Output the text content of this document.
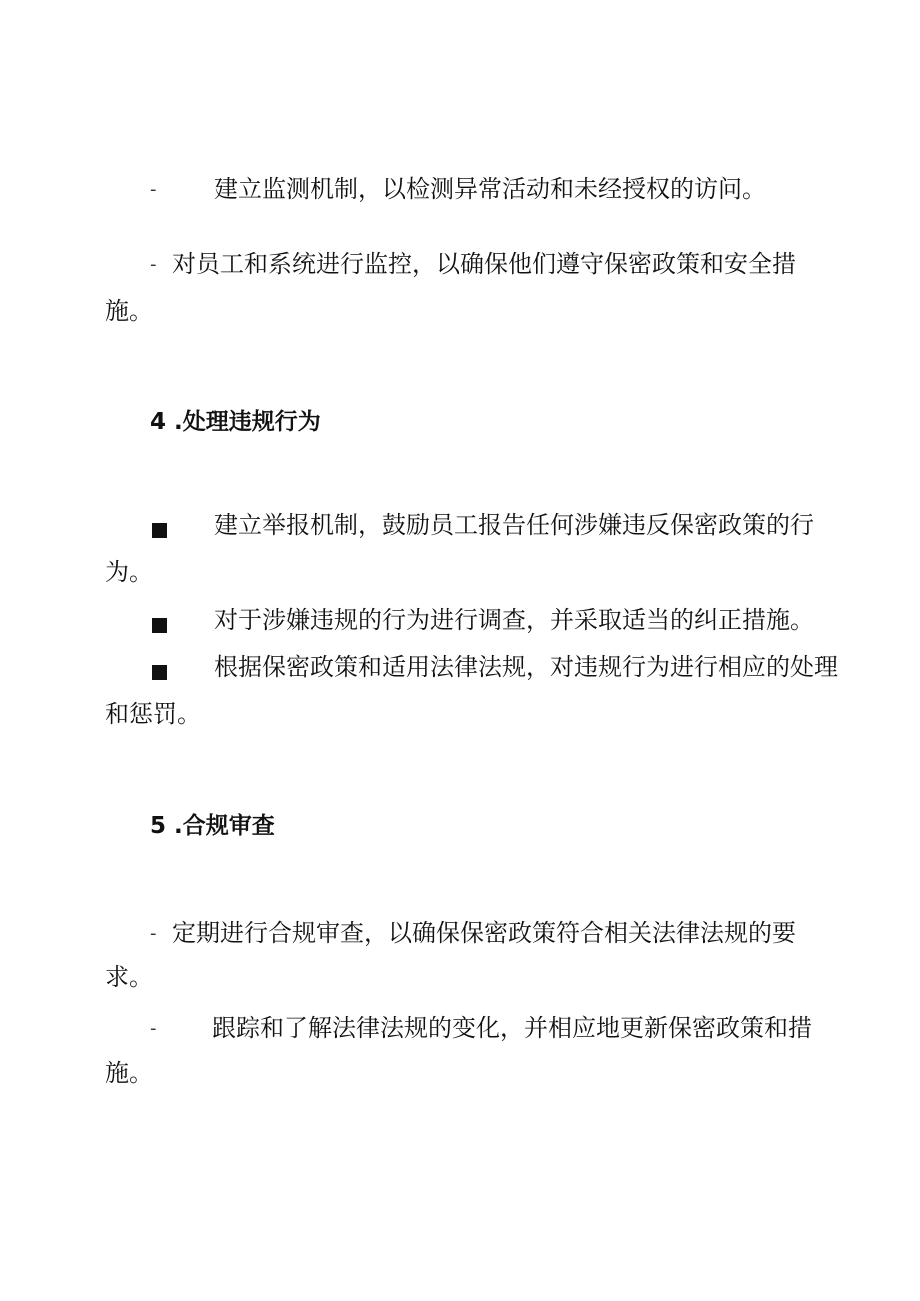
- 建立监测机制，以检测异常活动和未经授权的访问。
- 对员工和系统进行监控，以确保他们遵守保密政策和安全措
施。
4 .处理违规行为
建立举报机制，鼓励员工报告任何涉嫌违反保密政策的行
为。
对于涉嫌违规的行为进行调查，并采取适当的纠正措施。
根据保密政策和适用法律法规，对违规行为进行相应的处理
和惩罚。
5 .合规审查
- 定期进行合规审查，以确保保密政策符合相关法律法规的要
求。
- 跟踪和了解法律法规的变化，并相应地更新保密政策和措
施。
